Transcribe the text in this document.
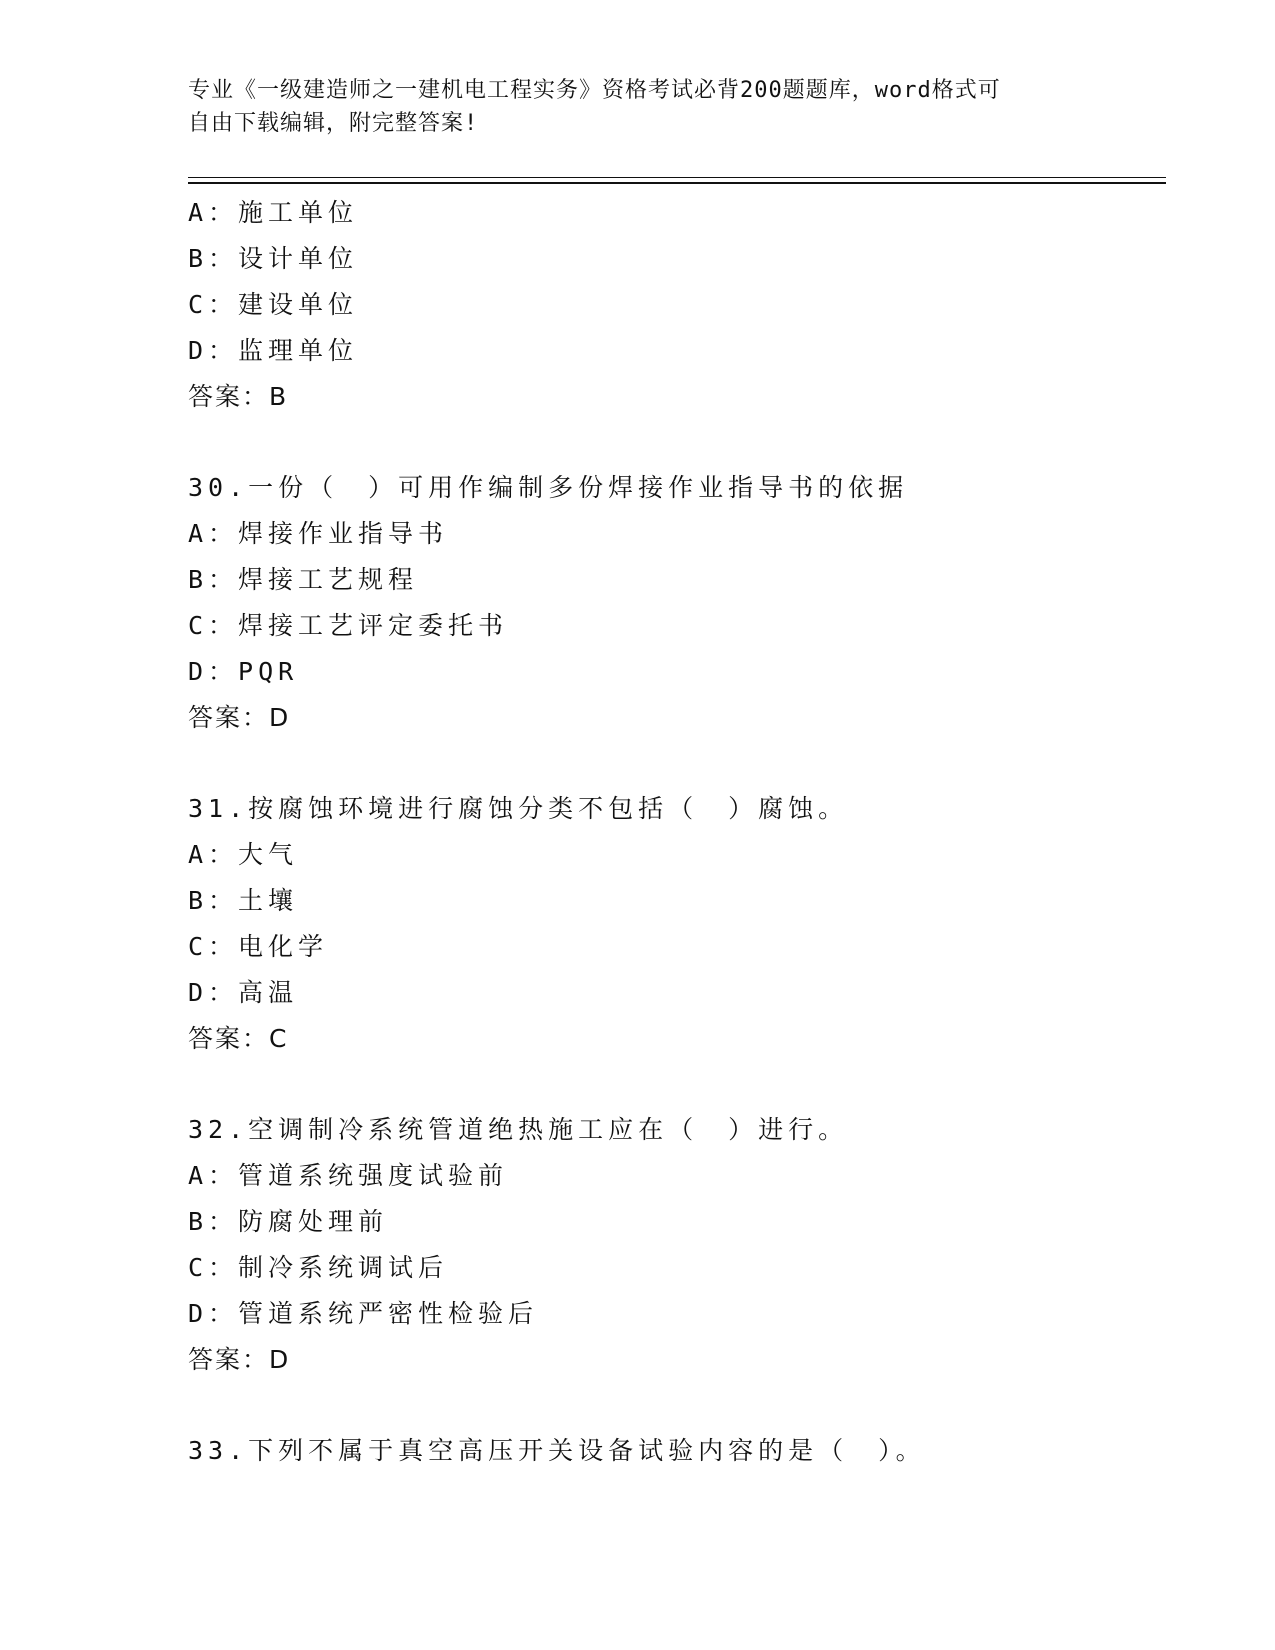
专业《一级建造师之一建机电工程实务》资格考试必背200题题库，word格式可
自由下载编辑，附完整答案!
A：施工单位
B：设计单位
C：建设单位
D：监理单位
答案：B
30.一份（　）可用作编制多份焊接作业指导书的依据
A：焊接作业指导书
B：焊接工艺规程
C：焊接工艺评定委托书
D：PQR
答案：D
31.按腐蚀环境进行腐蚀分类不包括（　）腐蚀。
A：大气
B：土壤
C：电化学
D：高温
答案：C
32.空调制冷系统管道绝热施工应在（　）进行。
A：管道系统强度试验前
B：防腐处理前
C：制冷系统调试后
D：管道系统严密性检验后
答案：D
33.下列不属于真空高压开关设备试验内容的是（　）。
